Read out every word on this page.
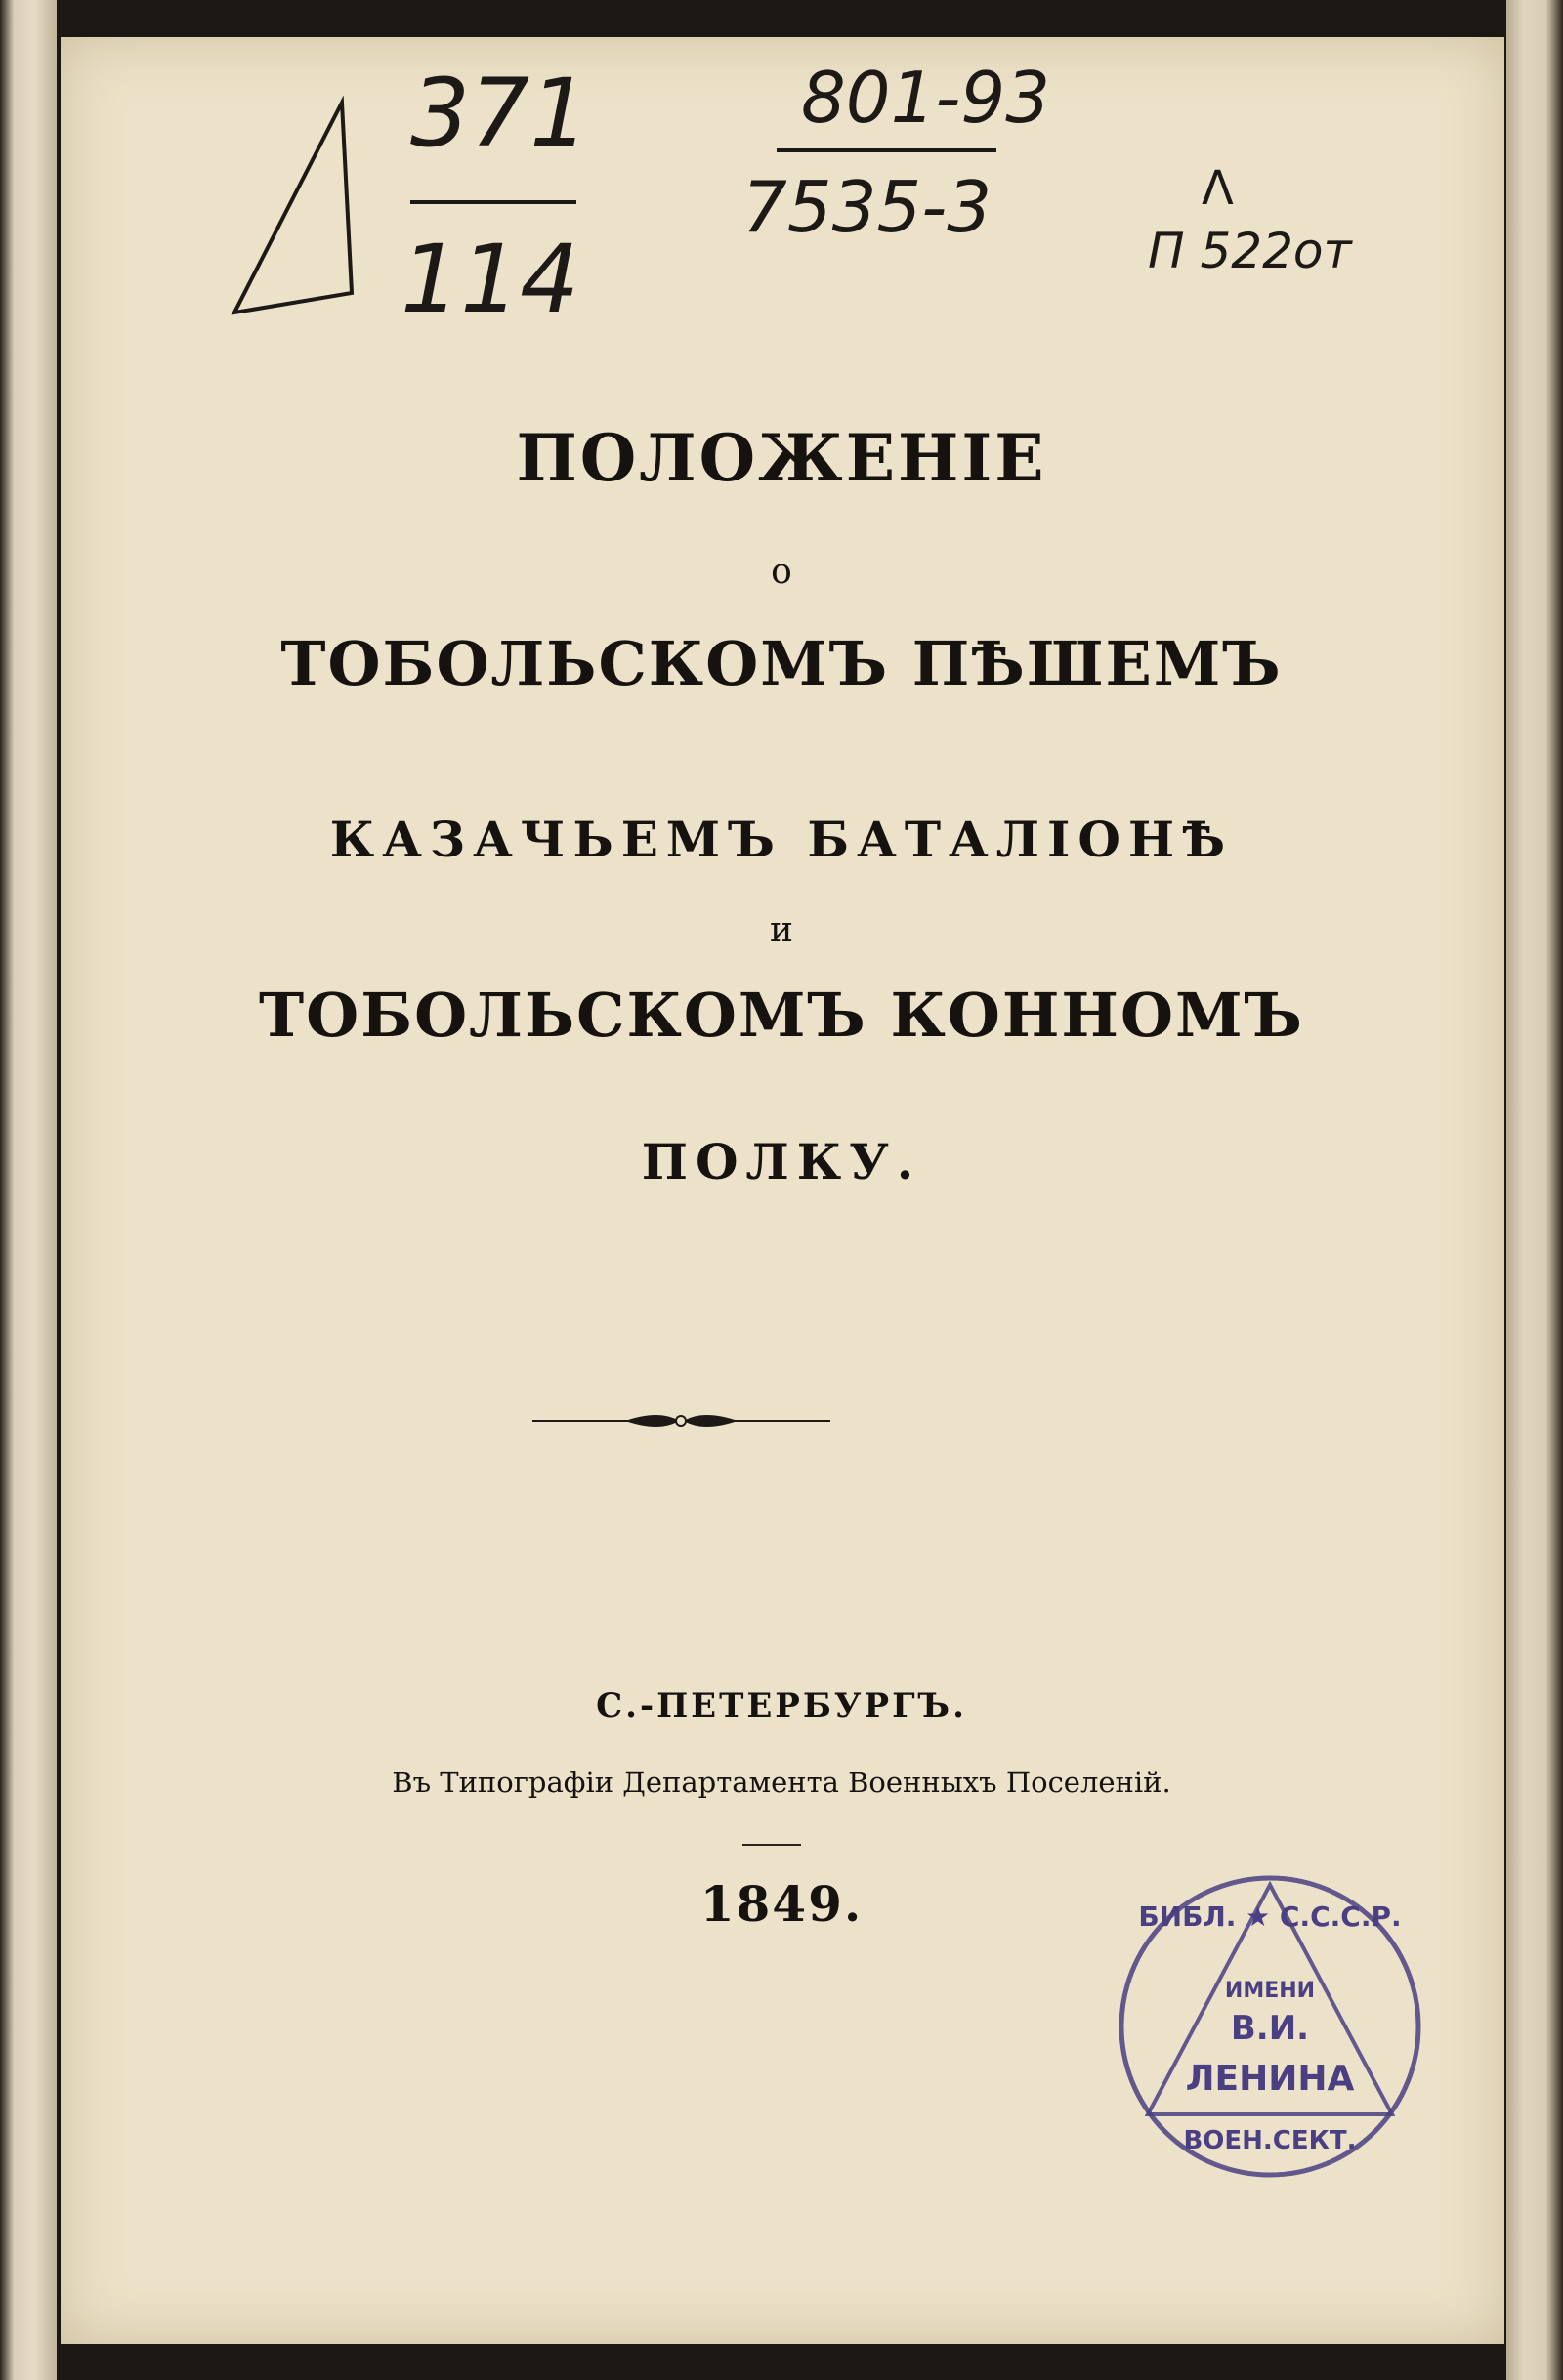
371
114
801-93
7535-3	Λ
П 522от
ПОЛОЖЕНІЕ
о
ТОБОЛЬСКОМЪ ПѢШЕМЪ
КАЗАЧЬЕМЪ БАТАЛІОНѢ
и
ТОБОЛЬСКОМЪ КОННОМЪ
ПОЛКУ.
С.-ПЕТЕРБУРГЪ.
Въ Типографіи Департамента Военныхъ Поселеній.
1849.	БИБЛ. ★ С.С.С.Р.
ИМЕНИ
В.И.
ЛЕНИНА
ВОЕН.СЕКТ.
